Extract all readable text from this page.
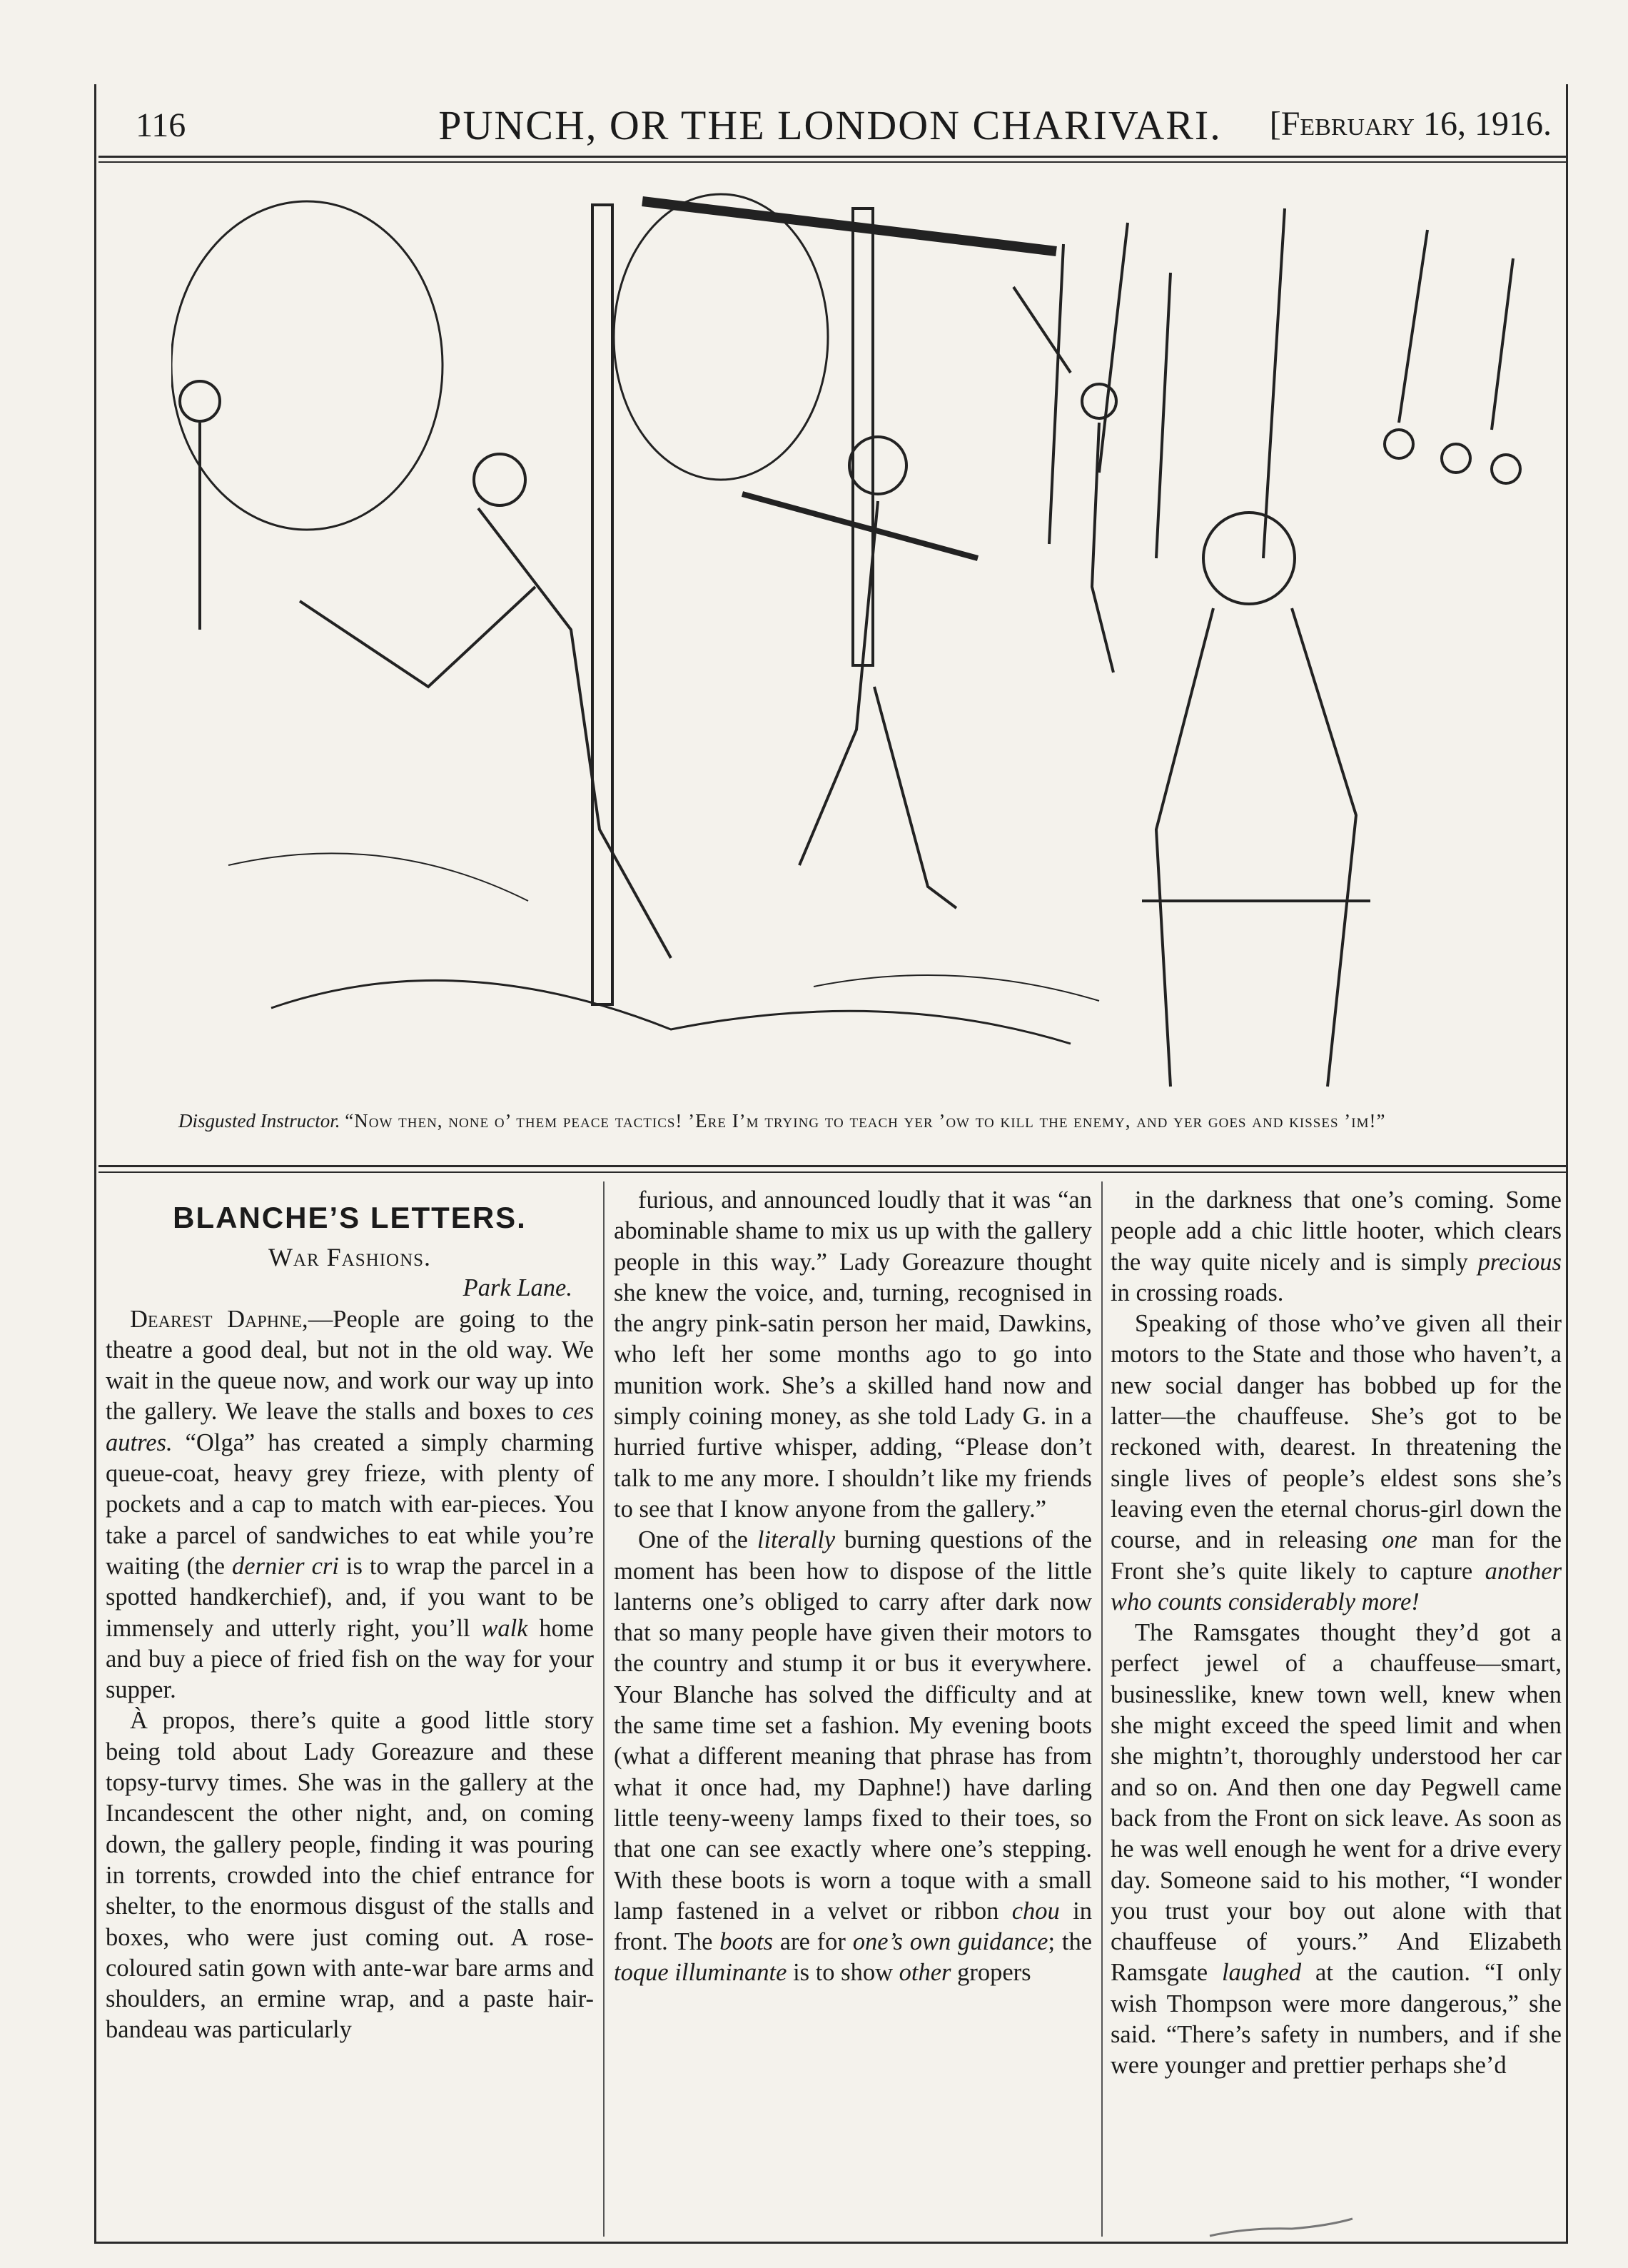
116	PUNCH, OR THE LONDON CHARIVARI.	[February 16, 1916.
Disgusted Instructor. “Now then, none o’ them peace tactics! ’Ere I’m trying to teach yer ’ow to kill the enemy, and yer goes and kisses ’im!”

BLANCHE’S LETTERS.

War Fashions.

Park Lane.

Dearest Daphne,—People are going to the theatre a good deal, but not in the old way. We wait in the queue now, and work our way up into the gallery. We leave the stalls and boxes to ces autres. “Olga” has created a simply charming queue-coat, heavy grey frieze, with plenty of pockets and a cap to match with ear-pieces. You take a parcel of sandwiches to eat while you’re waiting (the dernier cri is to wrap the parcel in a spotted handkerchief), and, if you want to be immensely and utterly right, you’ll walk home and buy a piece of fried fish on the way for your supper.

À propos, there’s quite a good little story being told about Lady Goreazure and these topsy-turvy times. She was in the gallery at the Incandescent the other night, and, on coming down, the gallery people, finding it was pouring in torrents, crowded into the chief entrance for shelter, to the enormous disgust of the stalls and boxes, who were just coming out. A rose-coloured satin gown with ante-war bare arms and shoulders, an ermine wrap, and a paste hair-bandeau was particularly

furious, and announced loudly that it was “an abominable shame to mix us up with the gallery people in this way.” Lady Goreazure thought she knew the voice, and, turning, recognised in the angry pink-satin person her maid, Dawkins, who left her some months ago to go into munition work. She’s a skilled hand now and simply coining money, as she told Lady G. in a hurried furtive whisper, adding, “Please don’t talk to me any more. I shouldn’t like my friends to see that I know anyone from the gallery.”

One of the literally burning questions of the moment has been how to dispose of the little lanterns one’s obliged to carry after dark now that so many people have given their motors to the country and stump it or bus it everywhere. Your Blanche has solved the difficulty and at the same time set a fashion. My evening boots (what a different meaning that phrase has from what it once had, my Daphne!) have darling little teeny-weeny lamps fixed to their toes, so that one can see exactly where one’s stepping. With these boots is worn a toque with a small lamp fastened in a velvet or ribbon chou in front. The boots are for one’s own guidance; the toque illuminante is to show other gropers

in the darkness that one’s coming. Some people add a chic little hooter, which clears the way quite nicely and is simply precious in crossing roads.

Speaking of those who’ve given all their motors to the State and those who haven’t, a new social danger has bobbed up for the latter—the chauffeuse. She’s got to be reckoned with, dearest. In threatening the single lives of people’s eldest sons she’s leaving even the eternal chorus-girl down the course, and in releasing one man for the Front she’s quite likely to capture another who counts considerably more!

The Ramsgates thought they’d got a perfect jewel of a chauffeuse—smart, businesslike, knew town well, knew when she might exceed the speed limit and when she mightn’t, thoroughly understood her car and so on. And then one day Pegwell came back from the Front on sick leave. As soon as he was well enough he went for a drive every day. Someone said to his mother, “I wonder you trust your boy out alone with that chauffeuse of yours.” And Elizabeth Ramsgate laughed at the caution. “I only wish Thompson were more dangerous,” she said. “There’s safety in numbers, and if she were younger and prettier perhaps she’d
